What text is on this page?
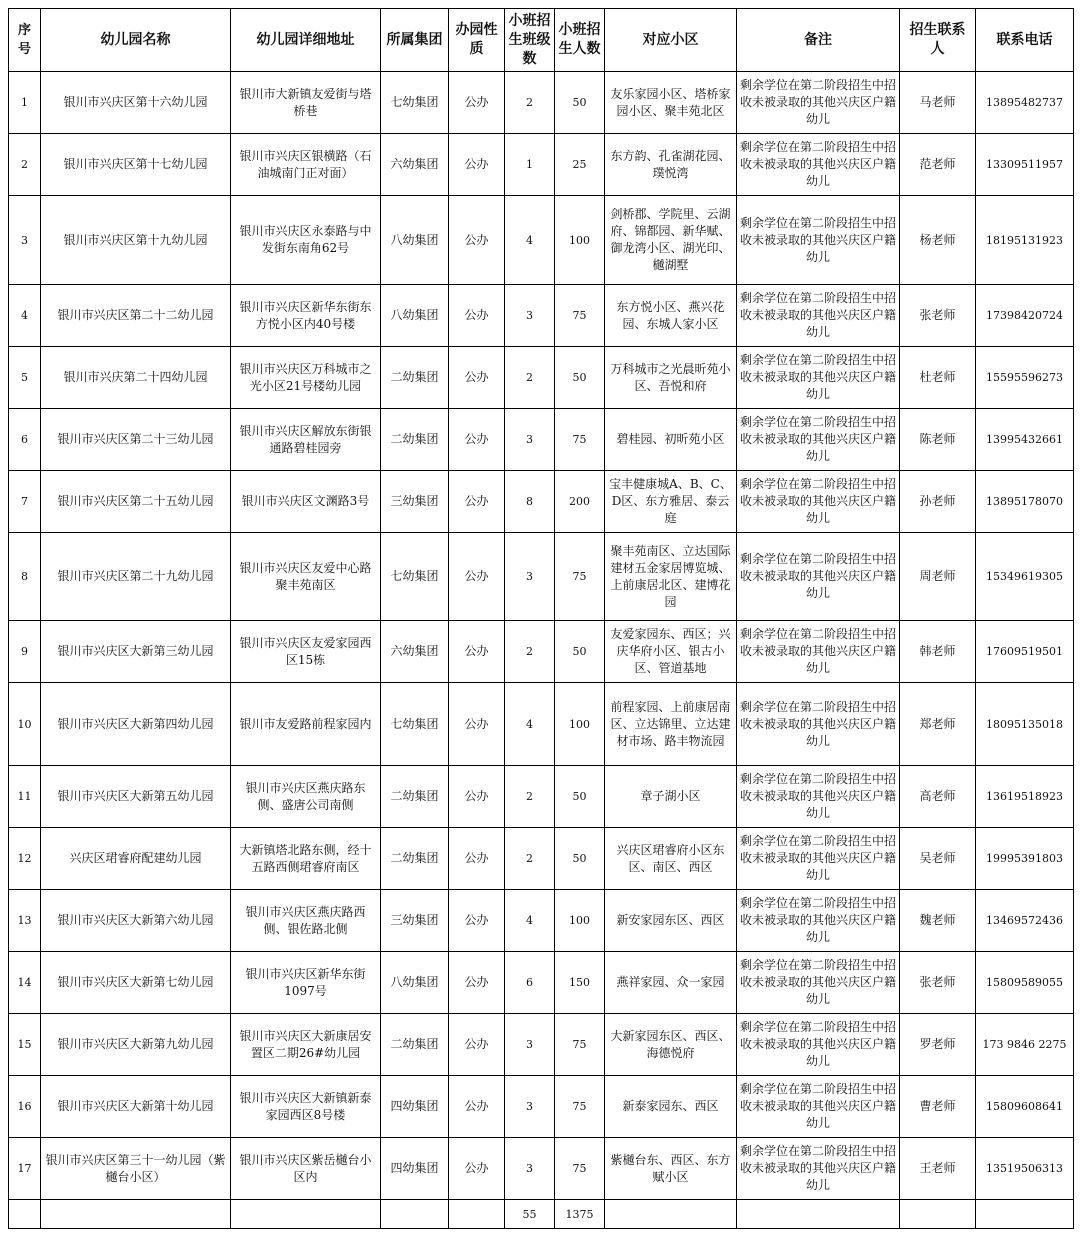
序号	幼儿园名称	幼儿园详细地址	所属集团	办园性质	小班招生班级数	小班招生人数	对应小区	备注	招生联系人	联系电话
1	银川市兴庆区第十六幼儿园	银川市大新镇友爱街与塔桥巷	七幼集团	公办	2	50	友乐家园小区、塔桥家园小区、聚丰苑北区	剩余学位在第二阶段招生中招收未被录取的其他兴庆区户籍幼儿	马老师	13895482737
2	银川市兴庆区第十七幼儿园	银川市兴庆区银横路（石油城南门正对面）	六幼集团	公办	1	25	东方韵、孔雀湖花园、璞悦湾	剩余学位在第二阶段招生中招收未被录取的其他兴庆区户籍幼儿	范老师	13309511957
3	银川市兴庆区第十九幼儿园	银川市兴庆区永泰路与中发街东南角62号	八幼集团	公办	4	100	剑桥郡、学院里、云湖府、锦都园、新华赋、御龙湾小区、湖光印、樾湖墅	剩余学位在第二阶段招生中招收未被录取的其他兴庆区户籍幼儿	杨老师	18195131923
4	银川市兴庆区第二十二幼儿园	银川市兴庆区新华东街东方悦小区内40号楼	八幼集团	公办	3	75	东方悦小区、燕兴花园、东城人家小区	剩余学位在第二阶段招生中招收未被录取的其他兴庆区户籍幼儿	张老师	17398420724
5	银川市兴庆第二十四幼儿园	银川市兴庆区万科城市之光小区21号楼幼儿园	二幼集团	公办	2	50	万科城市之光晨昕苑小区、吾悦和府	剩余学位在第二阶段招生中招收未被录取的其他兴庆区户籍幼儿	杜老师	15595596273
6	银川市兴庆区第二十三幼儿园	银川市兴庆区解放东街银通路碧桂园旁	二幼集团	公办	3	75	碧桂园、初昕苑小区	剩余学位在第二阶段招生中招收未被录取的其他兴庆区户籍幼儿	陈老师	13995432661
7	银川市兴庆区第二十五幼儿园	银川市兴庆区文渊路3号	三幼集团	公办	8	200	宝丰健康城A、B、C、D区、东方雅居、泰云庭	剩余学位在第二阶段招生中招收未被录取的其他兴庆区户籍幼儿	孙老师	13895178070
8	银川市兴庆区第二十九幼儿园	银川市兴庆区友爱中心路聚丰苑南区	七幼集团	公办	3	75	聚丰苑南区、立达国际建材五金家居博览城、上前康居北区、建博花园	剩余学位在第二阶段招生中招收未被录取的其他兴庆区户籍幼儿	周老师	15349619305
9	银川市兴庆区大新第三幼儿园	银川市兴庆区友爱家园西区15栋	六幼集团	公办	2	50	友爱家园东、西区；兴庆华府小区、银古小区、管道基地	剩余学位在第二阶段招生中招收未被录取的其他兴庆区户籍幼儿	韩老师	17609519501
10	银川市兴庆区大新第四幼儿园	银川市友爱路前程家园内	七幼集团	公办	4	100	前程家园、上前康居南区、立达锦里、立达建材市场、路丰物流园	剩余学位在第二阶段招生中招收未被录取的其他兴庆区户籍幼儿	郑老师	18095135018
11	银川市兴庆区大新第五幼儿园	银川市兴庆区燕庆路东侧、盛唐公司南侧	二幼集团	公办	2	50	章子湖小区	剩余学位在第二阶段招生中招收未被录取的其他兴庆区户籍幼儿	高老师	13619518923
12	兴庆区珺睿府配建幼儿园	大新镇塔北路东侧，经十五路西侧珺睿府南区	二幼集团	公办	2	50	兴庆区珺睿府小区东区、南区、西区	剩余学位在第二阶段招生中招收未被录取的其他兴庆区户籍幼儿	吴老师	19995391803
13	银川市兴庆区大新第六幼儿园	银川市兴庆区燕庆路西侧、银佐路北侧	三幼集团	公办	4	100	新安家园东区、西区	剩余学位在第二阶段招生中招收未被录取的其他兴庆区户籍幼儿	魏老师	13469572436
14	银川市兴庆区大新第七幼儿园	银川市兴庆区新华东街1097号	八幼集团	公办	6	150	燕祥家园、众一家园	剩余学位在第二阶段招生中招收未被录取的其他兴庆区户籍幼儿	张老师	15809589055
15	银川市兴庆区大新第九幼儿园	银川市兴庆区大新康居安置区二期26#幼儿园	二幼集团	公办	3	75	大新家园东区、西区、海德悦府	剩余学位在第二阶段招生中招收未被录取的其他兴庆区户籍幼儿	罗老师	173 9846 2275
16	银川市兴庆区大新第十幼儿园	银川市兴庆区大新镇新泰家园西区8号楼	四幼集团	公办	3	75	新泰家园东、西区	剩余学位在第二阶段招生中招收未被录取的其他兴庆区户籍幼儿	曹老师	15809608641
17	银川市兴庆区第三十一幼儿园（紫樾台小区）	银川市兴庆区紫岳樾台小区内	四幼集团	公办	3	75	紫樾台东、西区、东方赋小区	剩余学位在第二阶段招生中招收未被录取的其他兴庆区户籍幼儿	王老师	13519506313
					55	1375				
